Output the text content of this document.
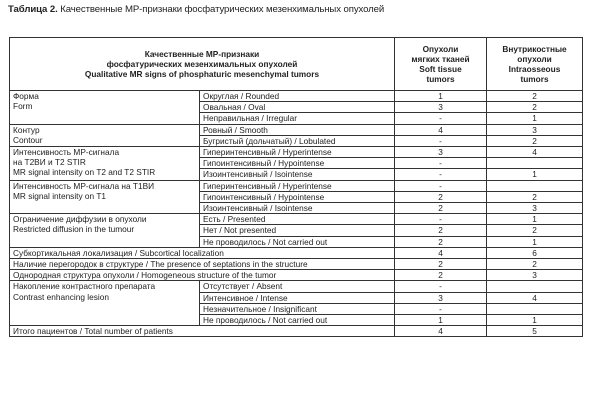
Таблица 2. Качественные МР-признаки фосфатурических мезенхимальных опухолей
Качественные МР-признаки
фосфатурических мезенхимальных опухолей
Qualitative MR signs of phosphaturic mesenchymal tumors		Опухоли
мягких тканей
Soft tissue
tumors	Внутрикостные
опухоли
Intraosseous
tumors

Форма
Form	Округлая / Rounded	1	2
	Овальная / Oval	3	2
	Неправильная / Irregular	-	1

Контур
Contour	Ровный / Smooth	4	3
	Бугристый (дольчатый) / Lobulated	-	2

Интенсивность МР-сигнала
на Т2ВИ и Т2 STIR
MR signal intensity on T2 and T2 STIR	Гиперинтенсивный / Hyperintense	3	4
	Гипоинтенсивный / Hypointense	-	
	Изоинтенсивный / Isointense	-	1

Интенсивность МР-сигнала на Т1ВИ
MR signal intensity on T1	Гиперинтенсивный / Hyperintense	-	
	Гипоинтенсивный / Hypointense	2	2
	Изоинтенсивный / Isointense	2	3

Ограничение диффузии в опухоли
Restricted diffusion in the tumour	Есть / Presented	-	1
	Нет / Not presented	2	2
	Не проводилось / Not carried out	2	1
Субкортикальная локализация / Subcortical localization		4	6
Наличие перегородок в структуре / The presence of septations in the structure		2	2
Однородная структура опухоли / Homogeneous structure of the tumor		2	3

Накопление контрастного препарата
Contrast enhancing lesion	Отсутствует / Absent	-	
	Интенсивное / Intense	3	4
	Незначительное / Insignificant	-	
	Не проводилось / Not carried out	1	1
Итого пациентов / Total number of patients		4	5
